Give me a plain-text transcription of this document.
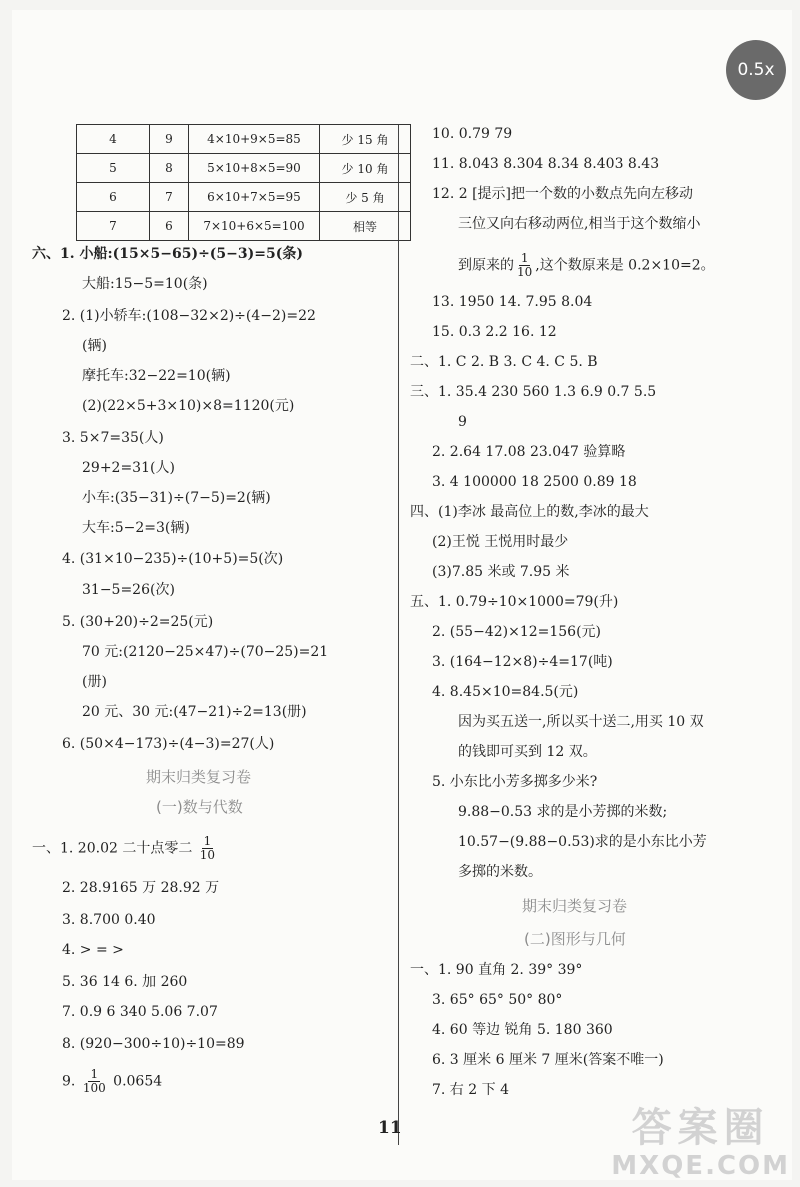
0.5x
4	9	4×10+9×5=85	少 15 角
5	8	5×10+8×5=90	少 10 角
6	7	6×10+7×5=95	少 5 角
7	6	7×10+6×5=100	相等
六、1. 小船:(15×5−65)÷(5−3)=5(条)
大船:15−5=10(条)
2. (1)小轿车:(108−32×2)÷(4−2)=22
(辆)
摩托车:32−22=10(辆)
(2)(22×5+3×10)×8=1120(元)
3. 5×7=35(人)
29+2=31(人)
小车:(35−31)÷(7−5)=2(辆)
大车:5−2=3(辆)
4. (31×10−235)÷(10+5)=5(次)
31−5=26(次)
5. (30+20)÷2=25(元)
70 元:(2120−25×47)÷(70−25)=21
(册)
20 元、30 元:(47−21)÷2=13(册)
6. (50×4−173)÷(4−3)=27(人)
期末归类复习卷
(一)数与代数
一、1. 20.02 二十点零二 $\frac{1}{10}$
2. 28.9165 万 28.92 万
3. 8.700 0.40
4. > = >
5. 36 14 6. 加 260
7. 0.9 6 340 5.06 7.07
8. (920−300÷10)÷10=89
9. $\frac{1}{100} 0.0654$
10. 0.79 79
11. 8.043 8.304 8.34 8.403 8.43
12. 2 [提示]把一个数的小数点先向左移动
三位又向右移动两位,相当于这个数缩小
到原来的 $\frac{1}{10}$ ,这个数原来是 0.2×10=2。
13. 1950 14. 7.95 8.04
15. 0.3 2.2 16. 12
二、1. C 2. B 3. C 4. C 5. B
三、1. 35.4 230 560 1.3 6.9 0.7 5.5
9
2. 2.64 17.08 23.047 验算略
3. 4 100000 18 2500 0.89 18
四、(1)李冰 最高位上的数,李冰的最大
(2)王悦 王悦用时最少
(3)7.85 米或 7.95 米
五、1. 0.79÷10×1000=79(升)
2. (55−42)×12=156(元)
3. (164−12×8)÷4=17(吨)
4. 8.45×10=84.5(元)
因为买五送一,所以买十送二,用买 10 双
的钱即可买到 12 双。
5. 小东比小芳多掷多少米?
9.88−0.53 求的是小芳掷的米数;
10.57−(9.88−0.53)求的是小东比小芳
多掷的米数。
期末归类复习卷
(二)图形与几何
一、1. 90 直角 2. 39° 39°
3. 65° 65° 50° 80°
4. 60 等边 锐角 5. 180 360
6. 3 厘米 6 厘米 7 厘米(答案不唯一)
7. 右 2 下 4
11	答案圈
MXQE.COM
